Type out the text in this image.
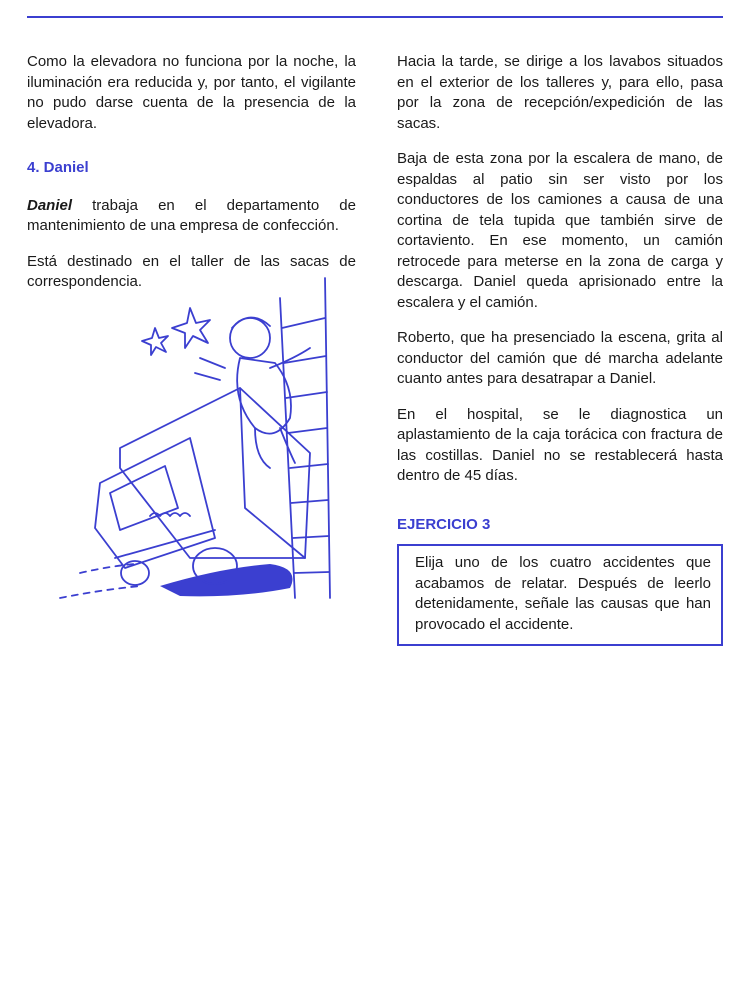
Como la elevadora no funciona por la noche, la iluminación era reducida y, por tanto, el vigilante no pudo darse cuenta de la presencia de la elevadora.

4. Daniel

Daniel trabaja en el departamento de mantenimiento de una empresa de confección.

Está destinado en el taller de las sacas de correspondencia.

Hacia la tarde, se dirige a los lavabos situados en el exterior de los talleres y, para ello, pasa por la zona de recepción/expedición de las sacas.

Baja de esta zona por la escalera de mano, de espaldas al patio sin ser visto por los conductores de los camiones a causa de una cortina de tela tupida que también sirve de cortaviento. En ese momento, un camión retrocede para meterse en la zona de carga y descarga. Daniel queda aprisionado entre la escalera y el camión.

Roberto, que ha presenciado la escena, grita al conductor del camión que dé marcha adelante cuanto antes para desatrapar a Daniel.

En el hospital, se le diagnostica un aplastamiento de la caja torácica con fractura de las costillas. Daniel no se restablecerá hasta dentro de 45 días.

EJERCICIO 3
Elija uno de los cuatro accidentes que acabamos de relatar. Después de leerlo detenidamente, señale las causas que han provocado el accidente.
